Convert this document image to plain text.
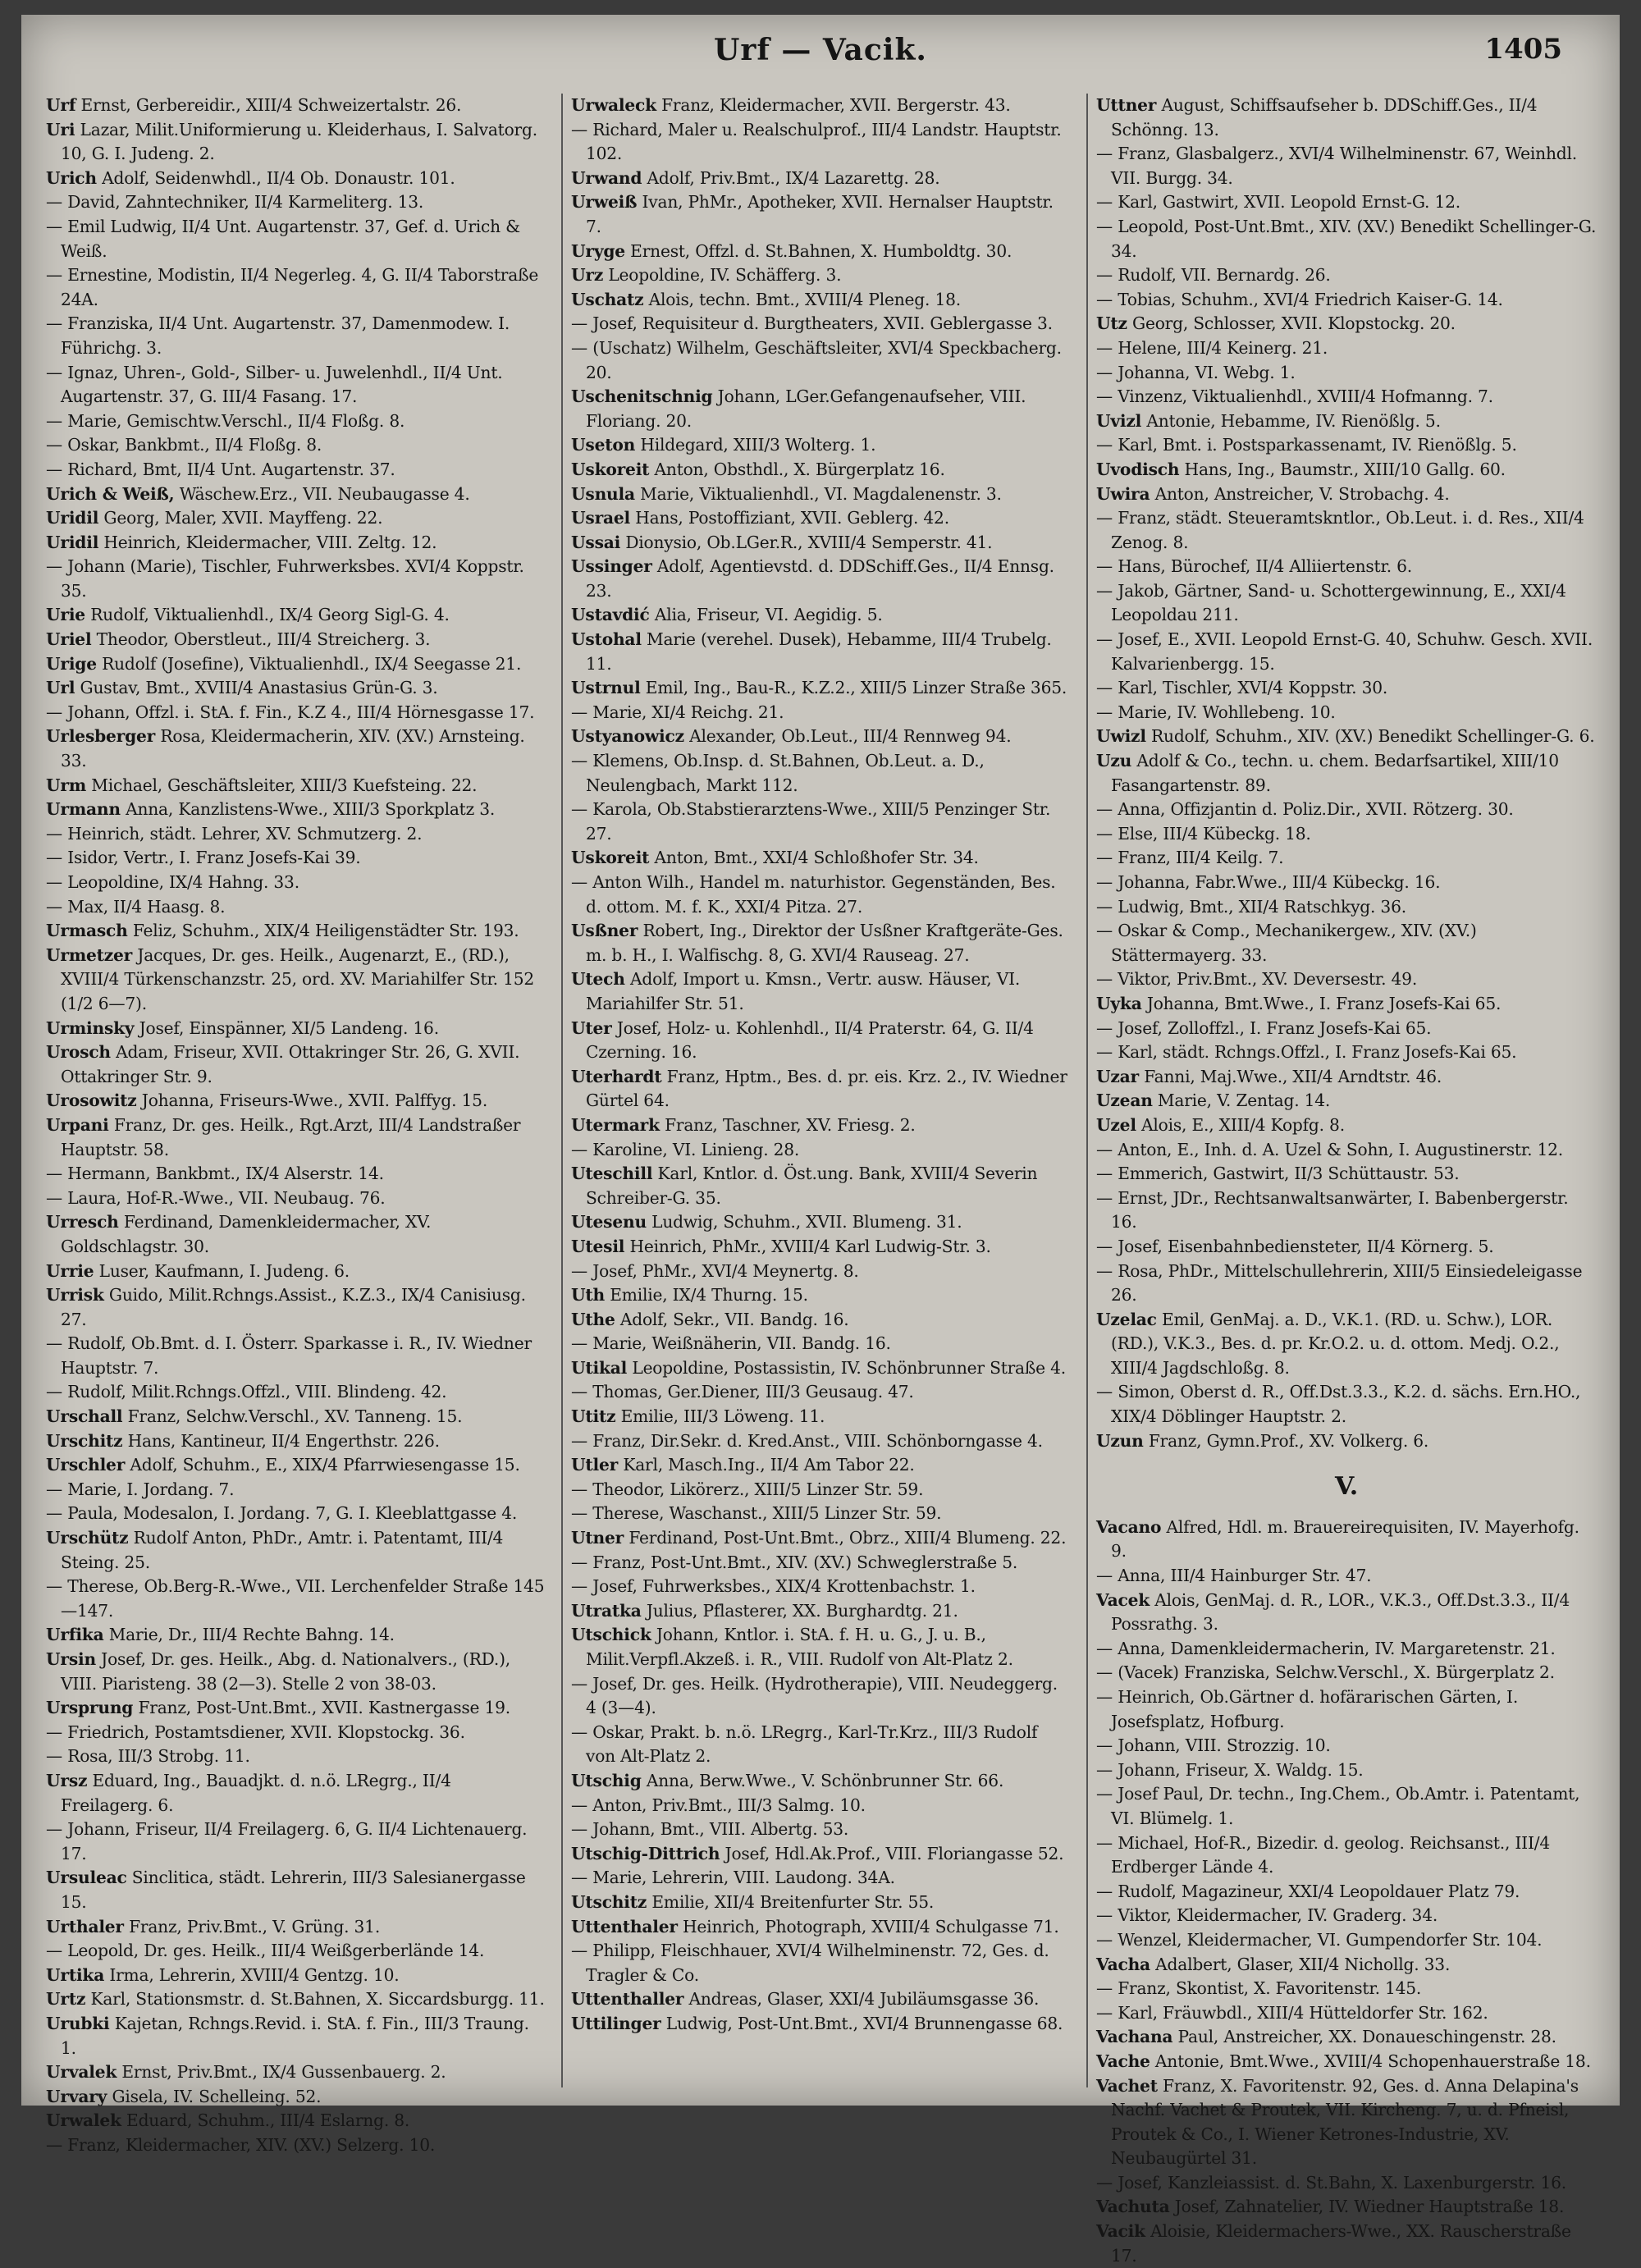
Urf — Vacik.	1405

Urf Ernst, Gerbereidir., XIII/4 Schweizertalstr. 26.

Uri Lazar, Milit.Uniformierung u. Kleiderhaus, I. Salvatorg. 10, G. I. Judeng. 2.

Urich Adolf, Seidenwhdl., II/4 Ob. Donaustr. 101.

— David, Zahntechniker, II/4 Karmeliterg. 13.

— Emil Ludwig, II/4 Unt. Augartenstr. 37, Gef. d. Urich & Weiß.

— Ernestine, Modistin, II/4 Negerleg. 4, G. II/4 Taborstraße 24A.

— Franziska, II/4 Unt. Augartenstr. 37, Damenmodew. I. Führichg. 3.

— Ignaz, Uhren-, Gold-, Silber- u. Juwelenhdl., II/4 Unt. Augartenstr. 37, G. III/4 Fasang. 17.

— Marie, Gemischtw.Verschl., II/4 Floßg. 8.

— Oskar, Bankbmt., II/4 Floßg. 8.

— Richard, Bmt, II/4 Unt. Augartenstr. 37.

Urich & Weiß, Wäschew.Erz., VII. Neubaugasse 4.

Uridil Georg, Maler, XVII. Mayffeng. 22.

Uridil Heinrich, Kleidermacher, VIII. Zeltg. 12.

— Johann (Marie), Tischler, Fuhrwerksbes. XVI/4 Koppstr. 35.

Urie Rudolf, Viktualienhdl., IX/4 Georg Sigl-G. 4.

Uriel Theodor, Oberstleut., III/4 Streicherg. 3.

Urige Rudolf (Josefine), Viktualienhdl., IX/4 Seegasse 21.

Url Gustav, Bmt., XVIII/4 Anastasius Grün-G. 3.

— Johann, Offzl. i. StA. f. Fin., K.Z 4., III/4 Hörnesgasse 17.

Urlesberger Rosa, Kleidermacherin, XIV. (XV.) Arnsteing. 33.

Urm Michael, Geschäftsleiter, XIII/3 Kuefsteing. 22.

Urmann Anna, Kanzlistens-Wwe., XIII/3 Sporkplatz 3.

— Heinrich, städt. Lehrer, XV. Schmutzerg. 2.

— Isidor, Vertr., I. Franz Josefs-Kai 39.

— Leopoldine, IX/4 Hahng. 33.

— Max, II/4 Haasg. 8.

Urmasch Feliz, Schuhm., XIX/4 Heiligenstädter Str. 193.

Urmetzer Jacques, Dr. ges. Heilk., Augenarzt, E., (RD.), XVIII/4 Türkenschanzstr. 25, ord. XV. Mariahilfer Str. 152 (1/2 6—7).

Urminsky Josef, Einspänner, XI/5 Landeng. 16.

Urosch Adam, Friseur, XVII. Ottakringer Str. 26, G. XVII. Ottakringer Str. 9.

Urosowitz Johanna, Friseurs-Wwe., XVII. Palffyg. 15.

Urpani Franz, Dr. ges. Heilk., Rgt.Arzt, III/4 Landstraßer Hauptstr. 58.

— Hermann, Bankbmt., IX/4 Alserstr. 14.

— Laura, Hof-R.-Wwe., VII. Neubaug. 76.

Urresch Ferdinand, Damenkleidermacher, XV. Goldschlagstr. 30.

Urrie Luser, Kaufmann, I. Judeng. 6.

Urrisk Guido, Milit.Rchngs.Assist., K.Z.3., IX/4 Canisiusg. 27.

— Rudolf, Ob.Bmt. d. I. Österr. Sparkasse i. R., IV. Wiedner Hauptstr. 7.

— Rudolf, Milit.Rchngs.Offzl., VIII. Blindeng. 42.

Urschall Franz, Selchw.Verschl., XV. Tanneng. 15.

Urschitz Hans, Kantineur, II/4 Engerthstr. 226.

Urschler Adolf, Schuhm., E., XIX/4 Pfarrwiesengasse 15.

— Marie, I. Jordang. 7.

— Paula, Modesalon, I. Jordang. 7, G. I. Kleeblattgasse 4.

Urschütz Rudolf Anton, PhDr., Amtr. i. Patentamt, III/4 Steing. 25.

— Therese, Ob.Berg-R.-Wwe., VII. Lerchenfelder Straße 145—147.

Urfika Marie, Dr., III/4 Rechte Bahng. 14.

Ursin Josef, Dr. ges. Heilk., Abg. d. Nationalvers., (RD.), VIII. Piaristeng. 38 (2—3). Stelle 2 von 38-03.

Ursprung Franz, Post-Unt.Bmt., XVII. Kastnergasse 19.

— Friedrich, Postamtsdiener, XVII. Klopstockg. 36.

— Rosa, III/3 Strobg. 11.

Ursz Eduard, Ing., Bauadjkt. d. n.ö. LRegrg., II/4 Freilagerg. 6.

— Johann, Friseur, II/4 Freilagerg. 6, G. II/4 Lichtenauerg. 17.

Ursuleac Sinclitica, städt. Lehrerin, III/3 Salesianergasse 15.

Urthaler Franz, Priv.Bmt., V. Grüng. 31.

— Leopold, Dr. ges. Heilk., III/4 Weißgerberlände 14.

Urtika Irma, Lehrerin, XVIII/4 Gentzg. 10.

Urtz Karl, Stationsmstr. d. St.Bahnen, X. Siccardsburgg. 11.

Urubki Kajetan, Rchngs.Revid. i. StA. f. Fin., III/3 Traung. 1.

Urvalek Ernst, Priv.Bmt., IX/4 Gussenbauerg. 2.

Urvary Gisela, IV. Schelleing. 52.

Urwalek Eduard, Schuhm., III/4 Eslarng. 8.

— Franz, Kleidermacher, XIV. (XV.) Selzerg. 10.

Urwaleck Franz, Kleidermacher, XVII. Bergerstr. 43.

— Richard, Maler u. Realschulprof., III/4 Landstr. Hauptstr. 102.

Urwand Adolf, Priv.Bmt., IX/4 Lazarettg. 28.

Urweiß Ivan, PhMr., Apotheker, XVII. Hernalser Hauptstr. 7.

Uryge Ernest, Offzl. d. St.Bahnen, X. Humboldtg. 30.

Urz Leopoldine, IV. Schäfferg. 3.

Uschatz Alois, techn. Bmt., XVIII/4 Pleneg. 18.

— Josef, Requisiteur d. Burgtheaters, XVII. Geblergasse 3.

— (Uschatz) Wilhelm, Geschäftsleiter, XVI/4 Speckbacherg. 20.

Uschenitschnig Johann, LGer.Gefangenaufseher, VIII. Floriang. 20.

Useton Hildegard, XIII/3 Wolterg. 1.

Uskoreit Anton, Obsthdl., X. Bürgerplatz 16.

Usnula Marie, Viktualienhdl., VI. Magdalenenstr. 3.

Usrael Hans, Postoffiziant, XVII. Geblerg. 42.

Ussai Dionysio, Ob.LGer.R., XVIII/4 Semperstr. 41.

Ussinger Adolf, Agentievstd. d. DDSchiff.Ges., II/4 Ennsg. 23.

Ustavdić Alia, Friseur, VI. Aegidig. 5.

Ustohal Marie (verehel. Dusek), Hebamme, III/4 Trubelg. 11.

Ustrnul Emil, Ing., Bau-R., K.Z.2., XIII/5 Linzer Straße 365.

— Marie, XI/4 Reichg. 21.

Ustyanowicz Alexander, Ob.Leut., III/4 Rennweg 94.

— Klemens, Ob.Insp. d. St.Bahnen, Ob.Leut. a. D., Neulengbach, Markt 112.

— Karola, Ob.Stabstierarztens-Wwe., XIII/5 Penzinger Str. 27.

Uskoreit Anton, Bmt., XXI/4 Schloßhofer Str. 34.

— Anton Wilh., Handel m. naturhistor. Gegenständen, Bes. d. ottom. M. f. K., XXI/4 Pitza. 27.

Usßner Robert, Ing., Direktor der Usßner Kraftgeräte-Ges. m. b. H., I. Walfischg. 8, G. XVI/4 Rauseag. 27.

Utech Adolf, Import u. Kmsn., Vertr. ausw. Häuser, VI. Mariahilfer Str. 51.

Uter Josef, Holz- u. Kohlenhdl., II/4 Praterstr. 64, G. II/4 Czerning. 16.

Uterhardt Franz, Hptm., Bes. d. pr. eis. Krz. 2., IV. Wiedner Gürtel 64.

Utermark Franz, Taschner, XV. Friesg. 2.

— Karoline, VI. Linieng. 28.

Uteschill Karl, Kntlor. d. Öst.ung. Bank, XVIII/4 Severin Schreiber-G. 35.

Utesenu Ludwig, Schuhm., XVII. Blumeng. 31.

Utesil Heinrich, PhMr., XVIII/4 Karl Ludwig-Str. 3.

— Josef, PhMr., XVI/4 Meynertg. 8.

Uth Emilie, IX/4 Thurng. 15.

Uthe Adolf, Sekr., VII. Bandg. 16.

— Marie, Weißnäherin, VII. Bandg. 16.

Utikal Leopoldine, Postassistin, IV. Schönbrunner Straße 4.

— Thomas, Ger.Diener, III/3 Geusaug. 47.

Utitz Emilie, III/3 Löweng. 11.

— Franz, Dir.Sekr. d. Kred.Anst., VIII. Schönborngasse 4.

Utler Karl, Masch.Ing., II/4 Am Tabor 22.

— Theodor, Likörerz., XIII/5 Linzer Str. 59.

— Therese, Waschanst., XIII/5 Linzer Str. 59.

Utner Ferdinand, Post-Unt.Bmt., Obrz., XIII/4 Blumeng. 22.

— Franz, Post-Unt.Bmt., XIV. (XV.) Schweglerstraße 5.

— Josef, Fuhrwerksbes., XIX/4 Krottenbachstr. 1.

Utratka Julius, Pflasterer, XX. Burghardtg. 21.

Utschick Johann, Kntlor. i. StA. f. H. u. G., J. u. B., Milit.Verpfl.Akzeß. i. R., VIII. Rudolf von Alt-Platz 2.

— Josef, Dr. ges. Heilk. (Hydrotherapie), VIII. Neudeggerg. 4 (3—4).

— Oskar, Prakt. b. n.ö. LRegrg., Karl-Tr.Krz., III/3 Rudolf von Alt-Platz 2.

Utschig Anna, Berw.Wwe., V. Schönbrunner Str. 66.

— Anton, Priv.Bmt., III/3 Salmg. 10.

— Johann, Bmt., VIII. Albertg. 53.

Utschig-Dittrich Josef, Hdl.Ak.Prof., VIII. Floriangasse 52.

— Marie, Lehrerin, VIII. Laudong. 34A.

Utschitz Emilie, XII/4 Breitenfurter Str. 55.

Uttenthaler Heinrich, Photograph, XVIII/4 Schulgasse 71.

— Philipp, Fleischhauer, XVI/4 Wilhelminenstr. 72, Ges. d. Tragler & Co.

Uttenthaller Andreas, Glaser, XXI/4 Jubiläumsgasse 36.

Uttilinger Ludwig, Post-Unt.Bmt., XVI/4 Brunnengasse 68.

Uttner August, Schiffsaufseher b. DDSchiff.Ges., II/4 Schönng. 13.

— Franz, Glasbalgerz., XVI/4 Wilhelminenstr. 67, Weinhdl. VII. Burgg. 34.

— Karl, Gastwirt, XVII. Leopold Ernst-G. 12.

— Leopold, Post-Unt.Bmt., XIV. (XV.) Benedikt Schellinger-G. 34.

— Rudolf, VII. Bernardg. 26.

— Tobias, Schuhm., XVI/4 Friedrich Kaiser-G. 14.

Utz Georg, Schlosser, XVII. Klopstockg. 20.

— Helene, III/4 Keinerg. 21.

— Johanna, VI. Webg. 1.

— Vinzenz, Viktualienhdl., XVIII/4 Hofmanng. 7.

Uvizl Antonie, Hebamme, IV. Rienößlg. 5.

— Karl, Bmt. i. Postsparkassenamt, IV. Rienößlg. 5.

Uvodisch Hans, Ing., Baumstr., XIII/10 Gallg. 60.

Uwira Anton, Anstreicher, V. Strobachg. 4.

— Franz, städt. Steueramtskntlor., Ob.Leut. i. d. Res., XII/4 Zenog. 8.

— Hans, Bürochef, II/4 Alliiertenstr. 6.

— Jakob, Gärtner, Sand- u. Schottergewinnung, E., XXI/4 Leopoldau 211.

— Josef, E., XVII. Leopold Ernst-G. 40, Schuhw. Gesch. XVII. Kalvarienbergg. 15.

— Karl, Tischler, XVI/4 Koppstr. 30.

— Marie, IV. Wohllebeng. 10.

Uwizl Rudolf, Schuhm., XIV. (XV.) Benedikt Schellinger-G. 6.

Uzu Adolf & Co., techn. u. chem. Bedarfsartikel, XIII/10 Fasangartenstr. 89.

— Anna, Offizjantin d. Poliz.Dir., XVII. Rötzerg. 30.

— Else, III/4 Kübeckg. 18.

— Franz, III/4 Keilg. 7.

— Johanna, Fabr.Wwe., III/4 Kübeckg. 16.

— Ludwig, Bmt., XII/4 Ratschkyg. 36.

— Oskar & Comp., Mechanikergew., XIV. (XV.) Stättermayerg. 33.

— Viktor, Priv.Bmt., XV. Deversestr. 49.

Uyka Johanna, Bmt.Wwe., I. Franz Josefs-Kai 65.

— Josef, Zolloffzl., I. Franz Josefs-Kai 65.

— Karl, städt. Rchngs.Offzl., I. Franz Josefs-Kai 65.

Uzar Fanni, Maj.Wwe., XII/4 Arndtstr. 46.

Uzean Marie, V. Zentag. 14.

Uzel Alois, E., XIII/4 Kopfg. 8.

— Anton, E., Inh. d. A. Uzel & Sohn, I. Augustinerstr. 12.

— Emmerich, Gastwirt, II/3 Schüttaustr. 53.

— Ernst, JDr., Rechtsanwaltsanwärter, I. Babenbergerstr. 16.

— Josef, Eisenbahnbediensteter, II/4 Körnerg. 5.

— Rosa, PhDr., Mittelschullehrerin, XIII/5 Einsiedeleigasse 26.

Uzelac Emil, GenMaj. a. D., V.K.1. (RD. u. Schw.), LOR. (RD.), V.K.3., Bes. d. pr. Kr.O.2. u. d. ottom. Medj. O.2., XIII/4 Jagdschloßg. 8.

— Simon, Oberst d. R., Off.Dst.3.3., K.2. d. sächs. Ern.HO., XIX/4 Döblinger Hauptstr. 2.

Uzun Franz, Gymn.Prof., XV. Volkerg. 6.

V.

Vacano Alfred, Hdl. m. Brauereirequisiten, IV. Mayerhofg. 9.

— Anna, III/4 Hainburger Str. 47.

Vacek Alois, GenMaj. d. R., LOR., V.K.3., Off.Dst.3.3., II/4 Possrathg. 3.

— Anna, Damenkleidermacherin, IV. Margaretenstr. 21.

— (Vacek) Franziska, Selchw.Verschl., X. Bürgerplatz 2.

— Heinrich, Ob.Gärtner d. hofärarischen Gärten, I. Josefsplatz, Hofburg.

— Johann, VIII. Strozzig. 10.

— Johann, Friseur, X. Waldg. 15.

— Josef Paul, Dr. techn., Ing.Chem., Ob.Amtr. i. Patentamt, VI. Blümelg. 1.

— Michael, Hof-R., Bizedir. d. geolog. Reichsanst., III/4 Erdberger Lände 4.

— Rudolf, Magazineur, XXI/4 Leopoldauer Platz 79.

— Viktor, Kleidermacher, IV. Graderg. 34.

— Wenzel, Kleidermacher, VI. Gumpendorfer Str. 104.

Vacha Adalbert, Glaser, XII/4 Nichollg. 33.

— Franz, Skontist, X. Favoritenstr. 145.

— Karl, Fräuwbdl., XIII/4 Hütteldorfer Str. 162.

Vachana Paul, Anstreicher, XX. Donaueschingenstr. 28.

Vache Antonie, Bmt.Wwe., XVIII/4 Schopenhauerstraße 18.

Vachet Franz, X. Favoritenstr. 92, Ges. d. Anna Delapina's Nachf. Vachet & Proutek, VII. Kircheng. 7, u. d. Pfneisl, Proutek & Co., I. Wiener Ketrones-Industrie, XV. Neubaugürtel 31.

— Josef, Kanzleiassist. d. St.Bahn, X. Laxenburgerstr. 16.

Vachuta Josef, Zahnatelier, IV. Wiedner Hauptstraße 18.

Vacik Aloisie, Kleidermachers-Wwe., XX. Rauscherstraße 17.
